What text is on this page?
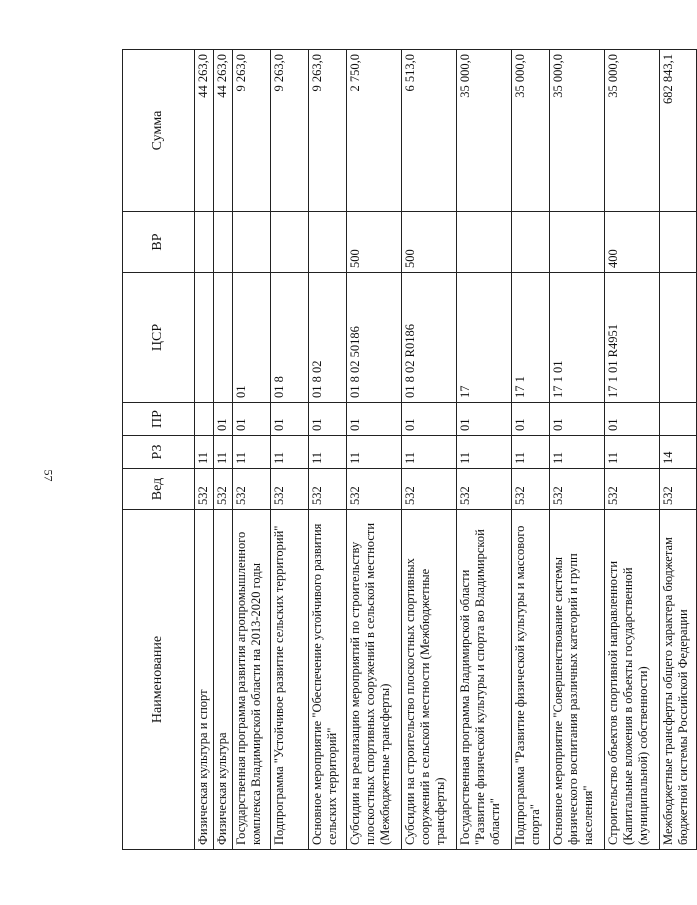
57
Наименование	Вед	РЗ	ПР	ЦСР	ВР	Сумма
Физическая культура и спорт	532	11				44 263,0
Физическая культура	532	11	01			44 263,0
Государственная программа развития агропромышленного комплекса Владимирской области на 2013-2020 годы	532	11	01	01		9 263,0
Подпрограмма "Устойчивое развитие сельских территорий"	532	11	01	01 8		9 263,0
Основное мероприятие "Обеспечение устойчивого развития сельских территорий"	532	11	01	01 8 02		9 263,0
Субсидии на реализацию мероприятий по строительству плоскостных спортивных сооружений в сельской местности (Межбюджетные трансферты)	532	11	01	01 8 02 50186	500	2 750,0
Субсидии на строительство плоскостных спортивных сооружений в сельской местности (Межбюджетные трансферты)	532	11	01	01 8 02 R0186	500	6 513,0
Государственная программа Владимирской области "Развитие физической культуры и спорта во Владимирской области"	532	11	01	17		35 000,0
Подпрограмма "Развитие физической культуры и массового спорта"	532	11	01	17 1		35 000,0
Основное мероприятие "Совершенствование системы физического воспитания различных категорий и групп населения"	532	11	01	17 1 01		35 000,0
Строительство объектов спортивной направленности (Капитальные вложения в объекты государственной (муниципальной) собственности)	532	11	01	17 1 01 R4951	400	35 000,0
Межбюджетные трансферты общего характера бюджетам бюджетной системы Российской Федерации	532	14				682 843,1
